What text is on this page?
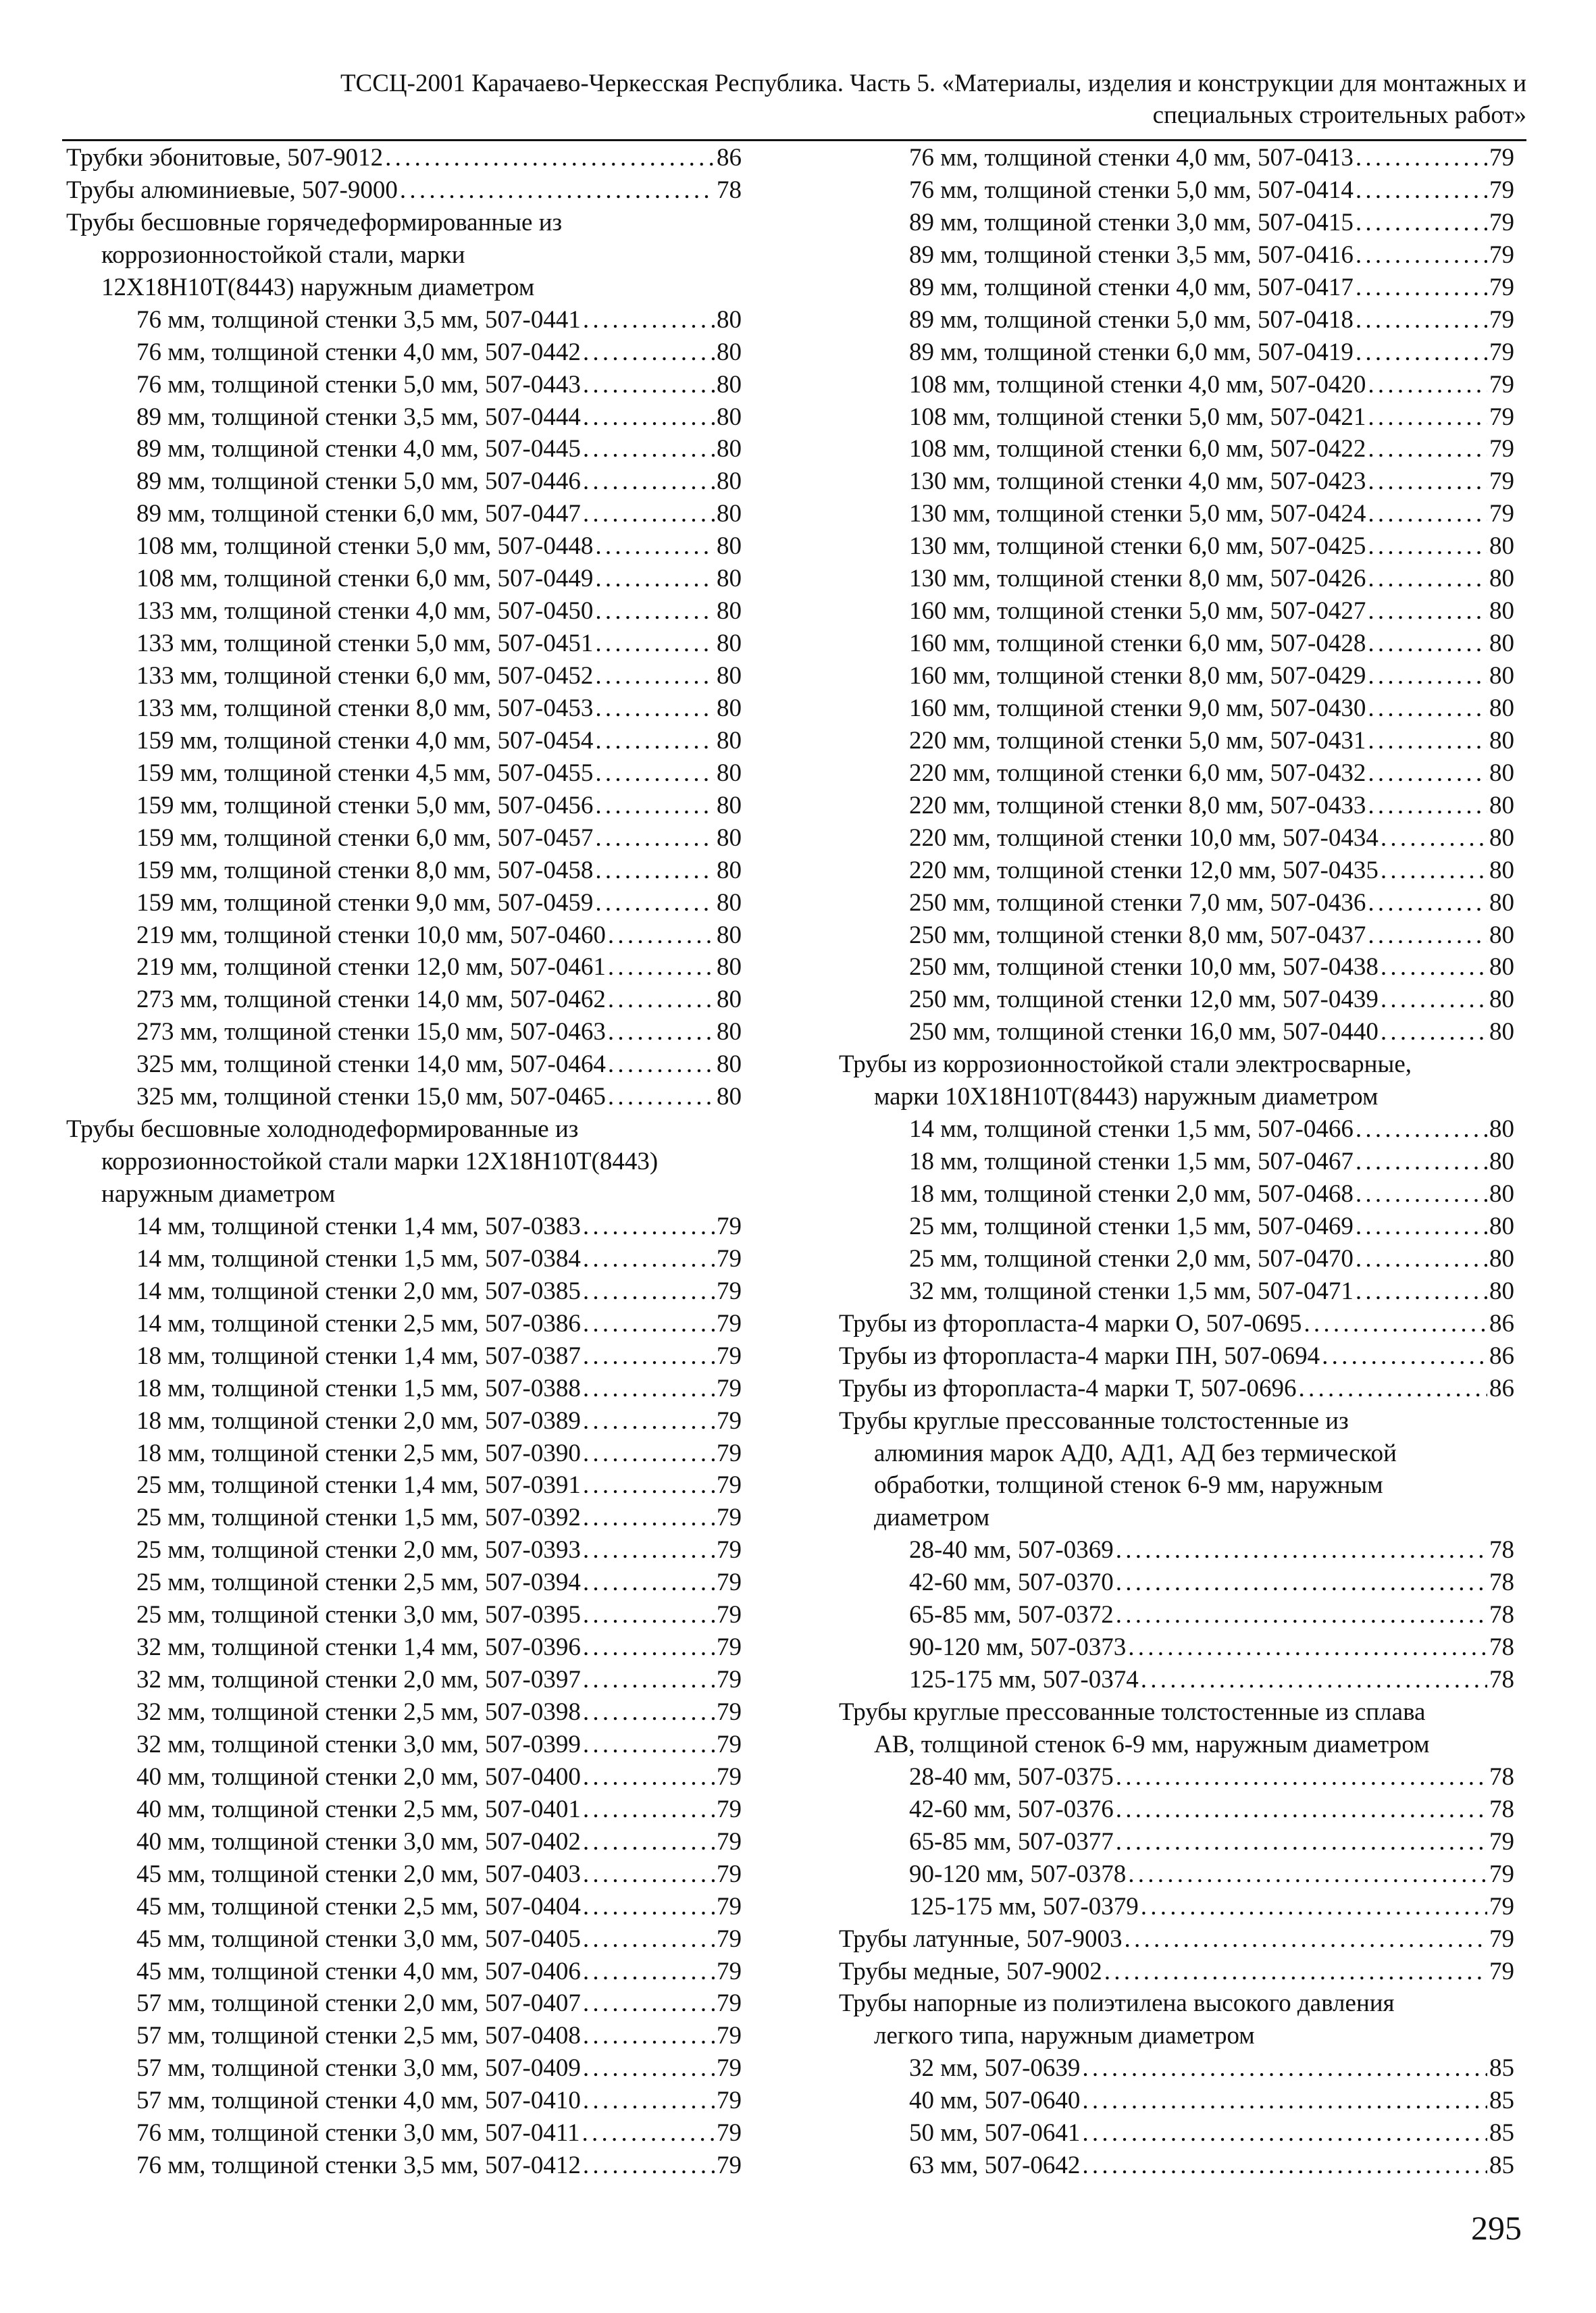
ТССЦ-2001 Карачаево-Черкесская Республика. Часть 5. «Материалы, изделия и конструкции для монтажных и
специальных строительных работ»
Трубки эбонитовые, 507-9012 . . .	86
Трубы алюминиевые, 507-9000 . . .	78
Трубы бесшовные горячедеформированные из
коррозионностойкой стали, марки
12Х18Н10Т(8443) наружным диаметром
76 мм, толщиной стенки 3,5 мм, 507-0441 . . .	80
76 мм, толщиной стенки 4,0 мм, 507-0442 . . .	80
76 мм, толщиной стенки 5,0 мм, 507-0443 . . .	80
89 мм, толщиной стенки 3,5 мм, 507-0444 . . .	80
89 мм, толщиной стенки 4,0 мм, 507-0445 . . .	80
89 мм, толщиной стенки 5,0 мм, 507-0446 . . .	80
89 мм, толщиной стенки 6,0 мм, 507-0447 . . .	80
108 мм, толщиной стенки 5,0 мм, 507-0448 . . .	80
108 мм, толщиной стенки 6,0 мм, 507-0449 . . .	80
133 мм, толщиной стенки 4,0 мм, 507-0450 . . .	80
133 мм, толщиной стенки 5,0 мм, 507-0451 . . .	80
133 мм, толщиной стенки 6,0 мм, 507-0452 . . .	80
133 мм, толщиной стенки 8,0 мм, 507-0453 . . .	80
159 мм, толщиной стенки 4,0 мм, 507-0454 . . .	80
159 мм, толщиной стенки 4,5 мм, 507-0455 . . .	80
159 мм, толщиной стенки 5,0 мм, 507-0456 . . .	80
159 мм, толщиной стенки 6,0 мм, 507-0457 . . .	80
159 мм, толщиной стенки 8,0 мм, 507-0458 . . .	80
159 мм, толщиной стенки 9,0 мм, 507-0459 . . .	80
219 мм, толщиной стенки 10,0 мм, 507-0460 . . .	80
219 мм, толщиной стенки 12,0 мм, 507-0461 . . .	80
273 мм, толщиной стенки 14,0 мм, 507-0462 . . .	80
273 мм, толщиной стенки 15,0 мм, 507-0463 . . .	80
325 мм, толщиной стенки 14,0 мм, 507-0464 . . .	80
325 мм, толщиной стенки 15,0 мм, 507-0465 . . .	80
Трубы бесшовные холоднодеформированные из
коррозионностойкой стали марки 12Х18Н10Т(8443)
наружным диаметром
14 мм, толщиной стенки 1,4 мм, 507-0383 . . .	79
14 мм, толщиной стенки 1,5 мм, 507-0384 . . .	79
14 мм, толщиной стенки 2,0 мм, 507-0385 . . .	79
14 мм, толщиной стенки 2,5 мм, 507-0386 . . .	79
18 мм, толщиной стенки 1,4 мм, 507-0387 . . .	79
18 мм, толщиной стенки 1,5 мм, 507-0388 . . .	79
18 мм, толщиной стенки 2,0 мм, 507-0389 . . .	79
18 мм, толщиной стенки 2,5 мм, 507-0390 . . .	79
25 мм, толщиной стенки 1,4 мм, 507-0391 . . .	79
25 мм, толщиной стенки 1,5 мм, 507-0392 . . .	79
25 мм, толщиной стенки 2,0 мм, 507-0393 . . .	79
25 мм, толщиной стенки 2,5 мм, 507-0394 . . .	79
25 мм, толщиной стенки 3,0 мм, 507-0395 . . .	79
32 мм, толщиной стенки 1,4 мм, 507-0396 . . .	79
32 мм, толщиной стенки 2,0 мм, 507-0397 . . .	79
32 мм, толщиной стенки 2,5 мм, 507-0398 . . .	79
32 мм, толщиной стенки 3,0 мм, 507-0399 . . .	79
40 мм, толщиной стенки 2,0 мм, 507-0400 . . .	79
40 мм, толщиной стенки 2,5 мм, 507-0401 . . .	79
40 мм, толщиной стенки 3,0 мм, 507-0402 . . .	79
45 мм, толщиной стенки 2,0 мм, 507-0403 . . .	79
45 мм, толщиной стенки 2,5 мм, 507-0404 . . .	79
45 мм, толщиной стенки 3,0 мм, 507-0405 . . .	79
45 мм, толщиной стенки 4,0 мм, 507-0406 . . .	79
57 мм, толщиной стенки 2,0 мм, 507-0407 . . .	79
57 мм, толщиной стенки 2,5 мм, 507-0408 . . .	79
57 мм, толщиной стенки 3,0 мм, 507-0409 . . .	79
57 мм, толщиной стенки 4,0 мм, 507-0410 . . .	79
76 мм, толщиной стенки 3,0 мм, 507-0411 . . .	79
76 мм, толщиной стенки 3,5 мм, 507-0412 . . .	79
76 мм, толщиной стенки 4,0 мм, 507-0413 . . .	79
76 мм, толщиной стенки 5,0 мм, 507-0414 . . .	79
89 мм, толщиной стенки 3,0 мм, 507-0415 . . .	79
89 мм, толщиной стенки 3,5 мм, 507-0416 . . .	79
89 мм, толщиной стенки 4,0 мм, 507-0417 . . .	79
89 мм, толщиной стенки 5,0 мм, 507-0418 . . .	79
89 мм, толщиной стенки 6,0 мм, 507-0419 . . .	79
108 мм, толщиной стенки 4,0 мм, 507-0420 . . .	79
108 мм, толщиной стенки 5,0 мм, 507-0421 . . .	79
108 мм, толщиной стенки 6,0 мм, 507-0422 . . .	79
130 мм, толщиной стенки 4,0 мм, 507-0423 . . .	79
130 мм, толщиной стенки 5,0 мм, 507-0424 . . .	79
130 мм, толщиной стенки 6,0 мм, 507-0425 . . .	80
130 мм, толщиной стенки 8,0 мм, 507-0426 . . .	80
160 мм, толщиной стенки 5,0 мм, 507-0427 . . .	80
160 мм, толщиной стенки 6,0 мм, 507-0428 . . .	80
160 мм, толщиной стенки 8,0 мм, 507-0429 . . .	80
160 мм, толщиной стенки 9,0 мм, 507-0430 . . .	80
220 мм, толщиной стенки 5,0 мм, 507-0431 . . .	80
220 мм, толщиной стенки 6,0 мм, 507-0432 . . .	80
220 мм, толщиной стенки 8,0 мм, 507-0433 . . .	80
220 мм, толщиной стенки 10,0 мм, 507-0434 . . .	80
220 мм, толщиной стенки 12,0 мм, 507-0435 . . .	80
250 мм, толщиной стенки 7,0 мм, 507-0436 . . .	80
250 мм, толщиной стенки 8,0 мм, 507-0437 . . .	80
250 мм, толщиной стенки 10,0 мм, 507-0438 . . .	80
250 мм, толщиной стенки 12,0 мм, 507-0439 . . .	80
250 мм, толщиной стенки 16,0 мм, 507-0440 . . .	80
Трубы из коррозионностойкой стали электросварные,
марки 10Х18Н10Т(8443) наружным диаметром
14 мм, толщиной стенки 1,5 мм, 507-0466 . . .	80
18 мм, толщиной стенки 1,5 мм, 507-0467 . . .	80
18 мм, толщиной стенки 2,0 мм, 507-0468 . . .	80
25 мм, толщиной стенки 1,5 мм, 507-0469 . . .	80
25 мм, толщиной стенки 2,0 мм, 507-0470 . . .	80
32 мм, толщиной стенки 1,5 мм, 507-0471 . . .	80
Трубы из фторопласта-4 марки О, 507-0695 . . .	86
Трубы из фторопласта-4 марки ПН, 507-0694 . . .	86
Трубы из фторопласта-4 марки Т, 507-0696 . . .	86
Трубы круглые прессованные толстостенные из
алюминия марок АД0, АД1, АД без термической
обработки, толщиной стенок 6-9 мм, наружным
диаметром
28-40 мм, 507-0369 . . .	78
42-60 мм, 507-0370 . . .	78
65-85 мм, 507-0372 . . .	78
90-120 мм, 507-0373 . . .	78
125-175 мм, 507-0374 . . .	78
Трубы круглые прессованные толстостенные из сплава
АВ, толщиной стенок 6-9 мм, наружным диаметром
28-40 мм, 507-0375 . . .	78
42-60 мм, 507-0376 . . .	78
65-85 мм, 507-0377 . . .	79
90-120 мм, 507-0378 . . .	79
125-175 мм, 507-0379 . . .	79
Трубы латунные, 507-9003 . . .	79
Трубы медные, 507-9002 . . .	79
Трубы напорные из полиэтилена высокого давления
легкого типа, наружным диаметром
32 мм, 507-0639 . . .	85
40 мм, 507-0640 . . .	85
50 мм, 507-0641 . . .	85
63 мм, 507-0642 . . .	85
295
